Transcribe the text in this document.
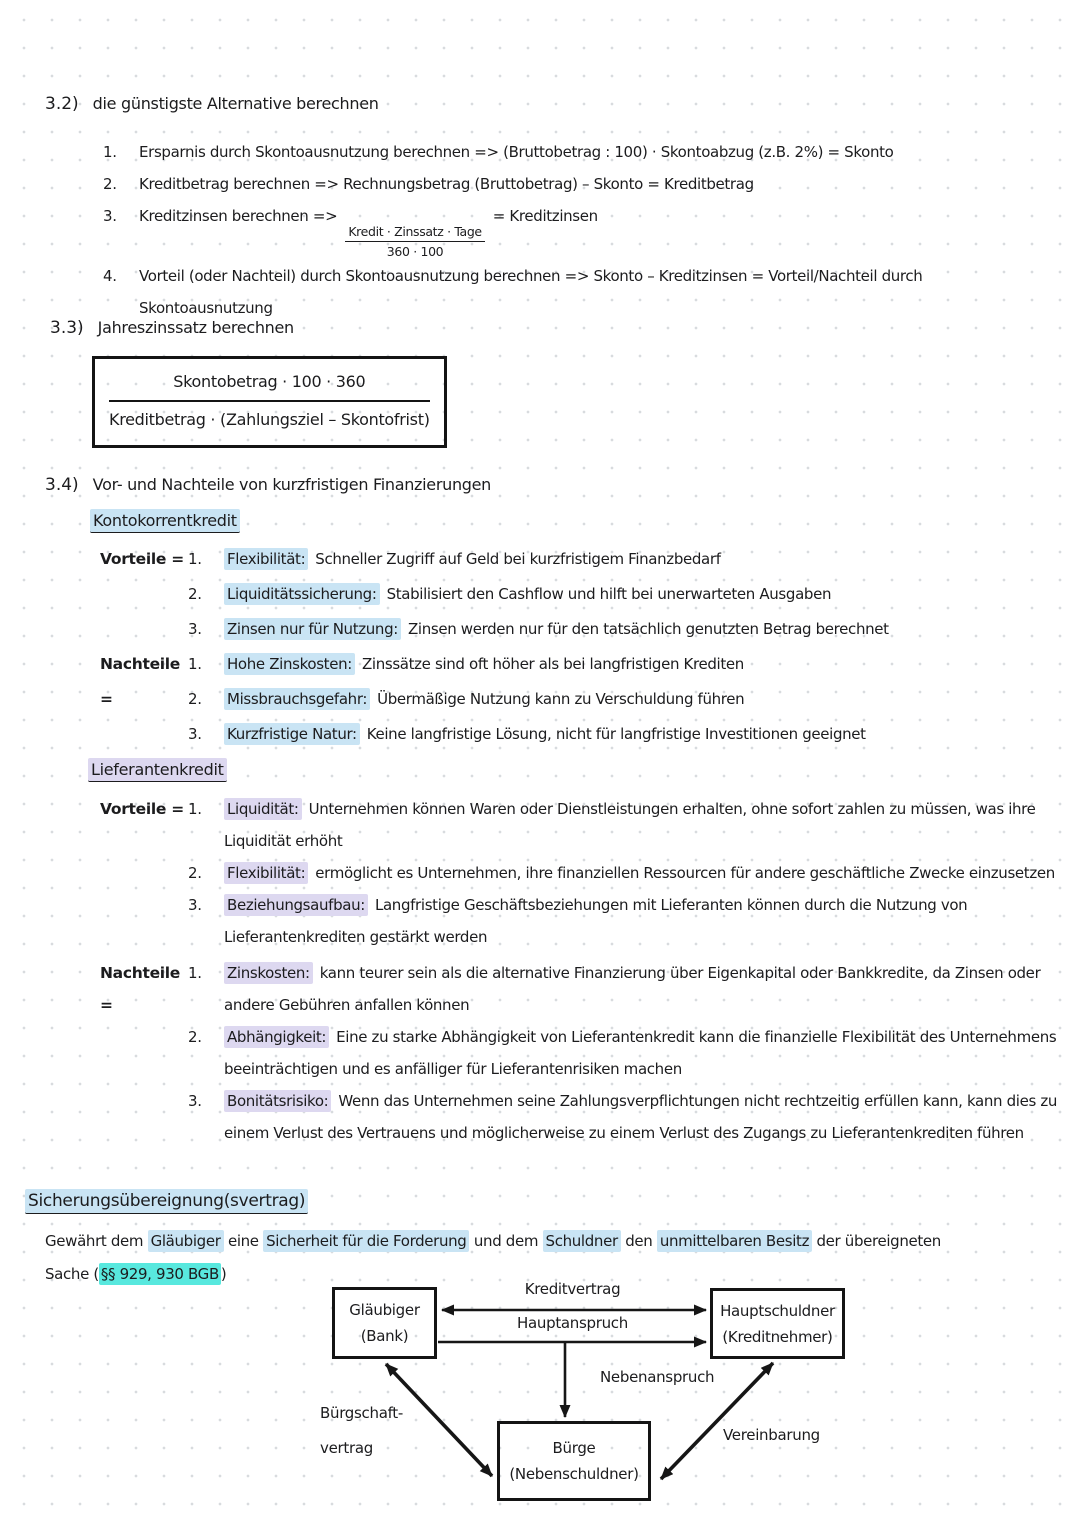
3.2) die günstigste Alternative berechnen
1.	Ersparnis durch Skontoausnutzung berechnen => (Bruttobetrag : 100) · Skontoabzug (z.B. 2%) = Skonto
2.	Kreditbetrag berechnen => Rechnungsbetrag (Bruttobetrag) – Skonto = Kreditbetrag
3.	Kreditzinsen berechnen =>
Kredit · Zinssatz · Tage
360 · 100
= Kreditzinsen
4.	Vorteil (oder Nachteil) durch Skontoausnutzung berechnen => Skonto – Kreditzinsen = Vorteil/Nachteil durch
Skontoausnutzung
3.3) Jahreszinssatz berechnen
Skontobetrag · 100 · 360
Kreditbetrag · (Zahlungsziel – Skontofrist)
3.4) Vor- und Nachteile von kurzfristigen Finanzierungen
Kontokorrentkredit
Vorteile = 1.	Flexibilität: Schneller Zugriff auf Geld bei kurzfristigem Finanzbedarf
2.	Liquiditätssicherung: Stabilisiert den Cashflow und hilft bei unerwarteten Ausgaben
3.	Zinsen nur für Nutzung: Zinsen werden nur für den tatsächlich genutzten Betrag berechnet
Nachteile =
1.	Hohe Zinskosten: Zinssätze sind oft höher als bei langfristigen Krediten
2.	Missbrauchsgefahr: Übermäßige Nutzung kann zu Verschuldung führen
3.	Kurzfristige Natur: Keine langfristige Lösung, nicht für langfristige Investitionen geeignet
Lieferantenkredit
Vorteile = 1.	Liquidität: Unternehmen können Waren oder Dienstleistungen erhalten, ohne sofort zahlen zu müssen, was ihre Liquidität erhöht
2.	Flexibilität: ermöglicht es Unternehmen, ihre finanziellen Ressourcen für andere geschäftliche Zwecke einzusetzen
3.	Beziehungsaufbau: Langfristige Geschäftsbeziehungen mit Lieferanten können durch die Nutzung von Lieferantenkrediten gestärkt werden
Nachteile =
1.	Zinskosten: kann teurer sein als die alternative Finanzierung über Eigenkapital oder Bankkredite, da Zinsen oder andere Gebühren anfallen können
2.	Abhängigkeit: Eine zu starke Abhängigkeit von Lieferantenkredit kann die finanzielle Flexibilität des Unternehmens beeinträchtigen und es anfälliger für Lieferantenrisiken machen
3.	Bonitätsrisiko: Wenn das Unternehmen seine Zahlungsverpflichtungen nicht rechtzeitig erfüllen kann, kann dies zu einem Verlust des Vertrauens und möglicherweise zu einem Verlust des Zugangs zu Lieferantenkrediten führen
Sicherungsübereignung(svertrag)
Gewährt dem Gläubiger eine Sicherheit für die Forderung und dem Schuldner den unmittelbaren Besitz der übereigneten
Sache ( §§ 929, 930 BGB )
Gläubiger
(Bank)
Hauptschuldner
(Kreditnehmer)
Bürge
(Nebenschuldner)
Kreditvertrag
Hauptanspruch
Nebenanspruch
Bürgschaft-
vertrag
Vereinbarung
